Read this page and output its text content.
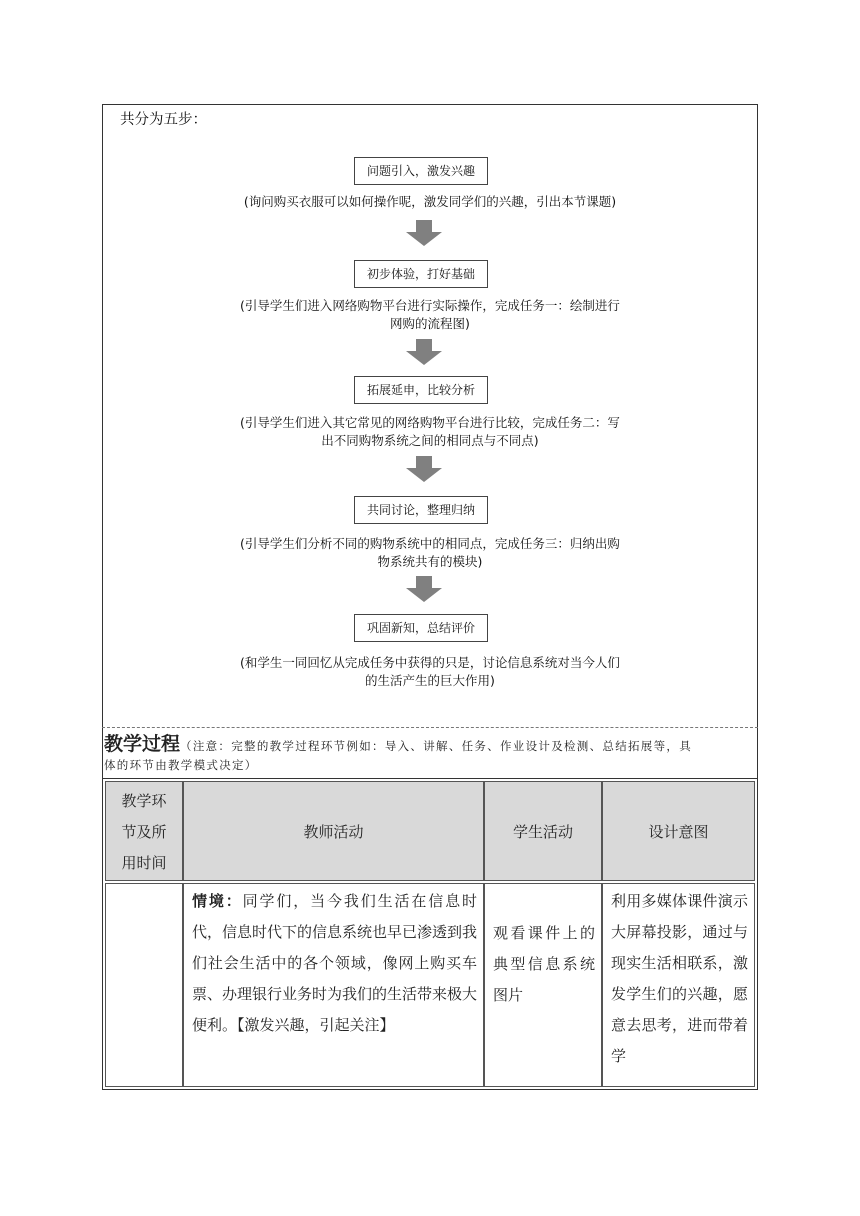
共分为五步：
问题引入，激发兴趣
(询问购买衣服可以如何操作呢，激发同学们的兴趣，引出本节课题)
初步体验，打好基础
(引导学生们进入网络购物平台进行实际操作，完成任务一：绘制进行
网购的流程图)
拓展延申，比较分析
(引导学生们进入其它常见的网络购物平台进行比较，完成任务二：写
出不同购物系统之间的相同点与不同点)
共同讨论，整理归纳
(引导学生们分析不同的购物系统中的相同点，完成任务三：归纳出购
物系统共有的模块)
巩固新知，总结评价
(和学生一同回忆从完成任务中获得的只是，讨论信息系统对当今人们
的生活产生的巨大作用)
教学过程（注意：完整的教学过程环节例如：导入、讲解、任务、作业设计及检测、总结拓展等，具
体的环节由教学模式决定）
教学环
节及所
用时间
教师活动	学生活动	设计意图
情境：同学们，当今我们生活在信息时代，信息时代下的信息系统也早已渗透到我们社会生活中的各个领域，像网上购买车票、办理银行业务时为我们的生活带来极大便利。【激发兴趣，引起关注】
观看课件上的典型信息系统图片
利用多媒体课件演示大屏幕投影，通过与现实生活相联系，激发学生们的兴趣，愿意去思考，进而带着学
